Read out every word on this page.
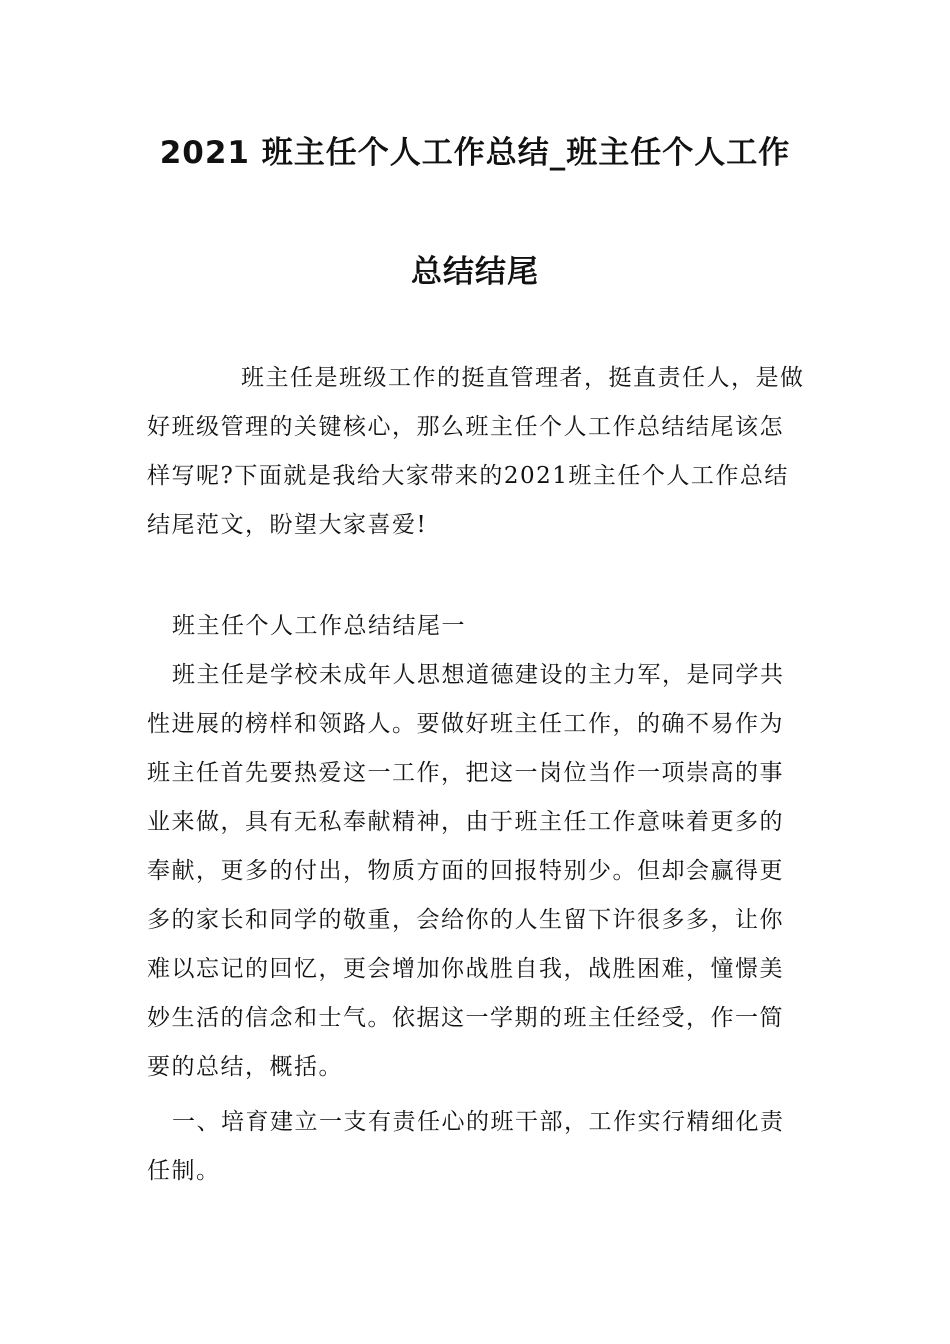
2021 班主任个人工作总结_班主任个人工作
总结结尾
班主任是班级工作的挺直管理者，挺直责任人，是做好班级管理的关键核心，那么班主任个人工作总结结尾该怎样写呢?下面就是我给大家带来的2021班主任个人工作总结结尾范文，盼望大家喜爱!
班主任个人工作总结结尾一
班主任是学校未成年人思想道德建设的主力军，是同学共性进展的榜样和领路人。要做好班主任工作，的确不易作为班主任首先要热爱这一工作，把这一岗位当作一项崇高的事业来做，具有无私奉献精神，由于班主任工作意味着更多的奉献，更多的付出，物质方面的回报特别少。但却会赢得更多的家长和同学的敬重，会给你的人生留下许很多多，让你难以忘记的回忆，更会增加你战胜自我，战胜困难，憧憬美妙生活的信念和士气。依据这一学期的班主任经受，作一简要的总结，概括。
一、培育建立一支有责任心的班干部，工作实行精细化责任制。
